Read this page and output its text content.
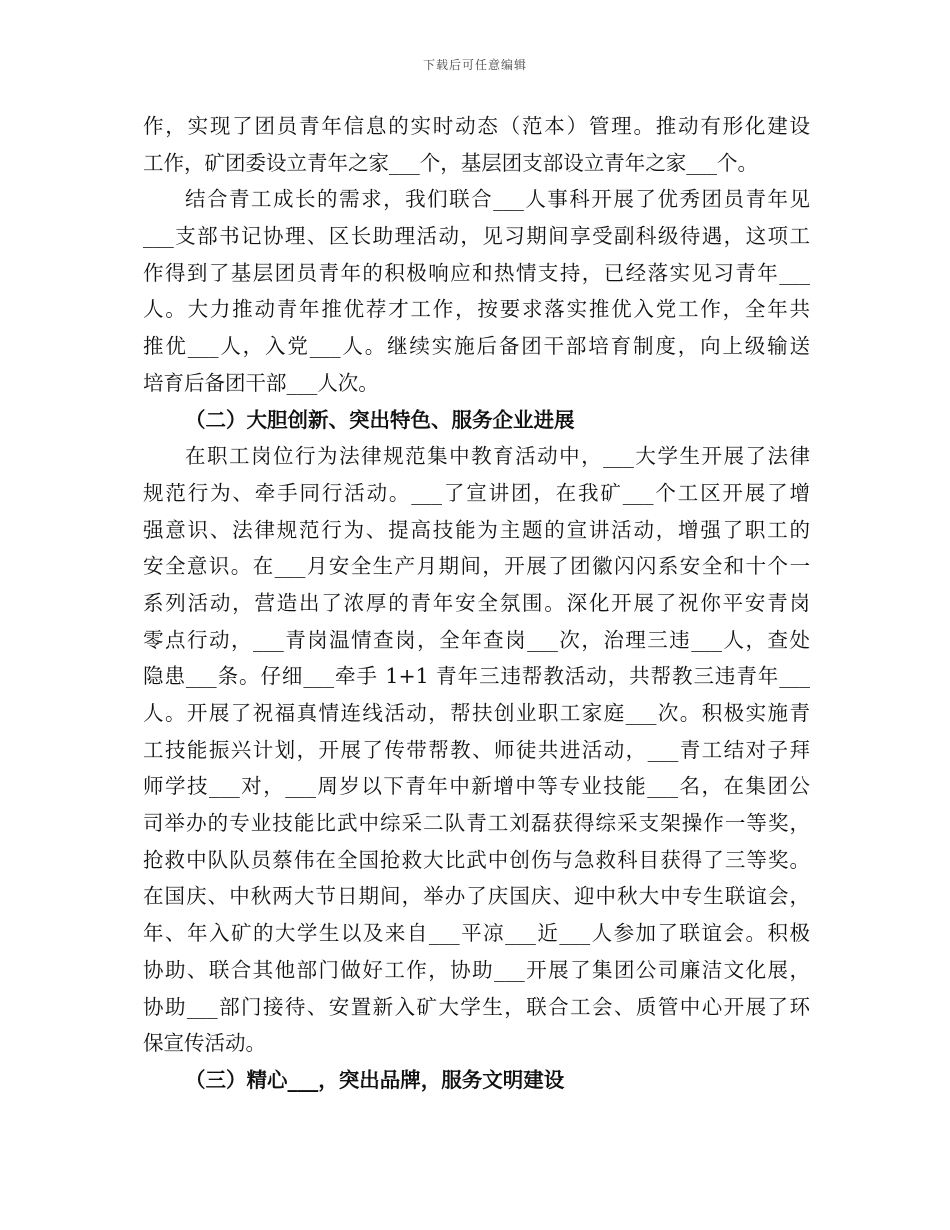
下载后可任意编辑
作，实现了团员青年信息的实时动态（范本）管理。推动有形化建设
工作，矿团委设立青年之家___个，基层团支部设立青年之家___个。
结合青工成长的需求，我们联合___人事科开展了优秀团员青年见
___支部书记协理、区长助理活动，见习期间享受副科级待遇，这项工
作得到了基层团员青年的积极响应和热情支持，已经落实见习青年___
人。大力推动青年推优荐才工作，按要求落实推优入党工作，全年共
推优___人，入党___人。继续实施后备团干部培育制度，向上级输送
培育后备团干部___人次。
（二）大胆创新、突出特色、服务企业进展
在职工岗位行为法律规范集中教育活动中，___大学生开展了法律
规范行为、牵手同行活动。___了宣讲团，在我矿___个工区开展了增
强意识、法律规范行为、提高技能为主题的宣讲活动，增强了职工的
安全意识。在___月安全生产月期间，开展了团徽闪闪系安全和十个一
系列活动，营造出了浓厚的青年安全氛围。深化开展了祝你平安青岗
零点行动，___青岗温情查岗，全年查岗___次，治理三违___人，查处
隐患___条。仔细___牵手 1+1 青年三违帮教活动，共帮教三违青年___
人。开展了祝福真情连线活动，帮扶创业职工家庭___次。积极实施青
工技能振兴计划，开展了传带帮教、师徒共进活动，___青工结对子拜
师学技___对，___周岁以下青年中新增中等专业技能___名，在集团公
司举办的专业技能比武中综采二队青工刘磊获得综采支架操作一等奖，
抢救中队队员蔡伟在全国抢救大比武中创伤与急救科目获得了三等奖。
在国庆、中秋两大节日期间，举办了庆国庆、迎中秋大中专生联谊会，
年、年入矿的大学生以及来自___平凉___近___人参加了联谊会。积极
协助、联合其他部门做好工作，协助___开展了集团公司廉洁文化展，
协助___部门接待、安置新入矿大学生，联合工会、质管中心开展了环
保宣传活动。
（三）精心___，突出品牌，服务文明建设
